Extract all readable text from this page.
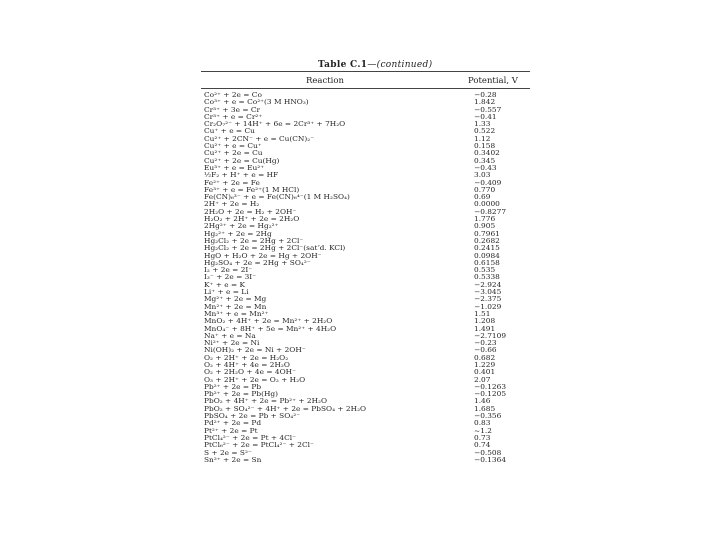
Table C.1—(continued)
Reaction	Potential, V
Co²⁺ + 2e = Co	−0.28
Co³⁺ + e = Co²⁺(3 M HNO₃)	1.842
Cr³⁺ + 3e = Cr	−0.557
Cr³⁺ + e = Cr²⁺	−0.41
Cr₂O₇²⁻ + 14H⁺ + 6e = 2Cr³⁺ + 7H₂O	1.33
Cu⁺ + e = Cu	0.522
Cu²⁺ + 2CN⁻ + e = Cu(CN)₂⁻	1.12
Cu²⁺ + e = Cu⁺	0.158
Cu²⁺ + 2e = Cu	0.3402
Cu²⁺ + 2e = Cu(Hg)	0.345
Eu³⁺ + e = Eu²⁺	−0.43
½F₂ + H⁺ + e = HF	3.03
Fe²⁺ + 2e = Fe	−0.409
Fe³⁺ + e = Fe²⁺(1 M HCl)	0.770
Fe(CN)₆³⁻ + e = Fe(CN)₆⁴⁻(1 M H₂SO₄)	0.69
2H⁺ + 2e = H₂	0.0000
2H₂O + 2e = H₂ + 2OH⁻	−0.8277
H₂O₂ + 2H⁺ + 2e = 2H₂O	1.776
2Hg²⁺ + 2e = Hg₂²⁺	0.905
Hg₂²⁺ + 2e = 2Hg	0.7961
Hg₂Cl₂ + 2e = 2Hg + 2Cl⁻	0.2682
Hg₂Cl₂ + 2e = 2Hg + 2Cl⁻(satʼd. KCl)	0.2415
HgO + H₂O + 2e = Hg + 2OH⁻	0.0984
Hg₂SO₄ + 2e = 2Hg + SO₄²⁻	0.6158
I₂ + 2e = 2I⁻	0.535
I₃⁻ + 2e = 3I⁻	0.5338
K⁺ + e = K	−2.924
Li⁺ + e = Li	−3.045
Mg²⁺ + 2e = Mg	−2.375
Mn²⁺ + 2e = Mn	−1.029
Mn³⁺ + e = Mn²⁺	1.51
MnO₂ + 4H⁺ + 2e = Mn²⁺ + 2H₂O	1.208
MnO₄⁻ + 8H⁺ + 5e = Mn²⁺ + 4H₂O	1.491
Na⁺ + e = Na	−2.7109
Ni²⁺ + 2e = Ni	−0.23
Ni(OH)₂ + 2e = Ni + 2OH⁻	−0.66
O₂ + 2H⁺ + 2e = H₂O₂	0.682
O₂ + 4H⁺ + 4e = 2H₂O	1.229
O₂ + 2H₂O + 4e = 4OH⁻	0.401
O₃ + 2H⁺ + 2e = O₂ + H₂O	2.07
Pb²⁺ + 2e = Pb	−0.1263
Pb²⁺ + 2e = Pb(Hg)	−0.1205
PbO₂ + 4H⁺ + 2e = Pb²⁺ + 2H₂O	1.46
PbO₂ + SO₄²⁻ + 4H⁺ + 2e = PbSO₄ + 2H₂O	1.685
PbSO₄ + 2e = Pb + SO₄²⁻	−0.356
Pd²⁺ + 2e = Pd	0.83
Pt²⁺ + 2e = Pt	~1.2
PtCl₄²⁻ + 2e = Pt + 4Cl⁻	0.73
PtCl₆²⁻ + 2e = PtCl₄²⁻ + 2Cl⁻	0.74
S + 2e = S²⁻	−0.508
Sn²⁺ + 2e = Sn	−0.1364
